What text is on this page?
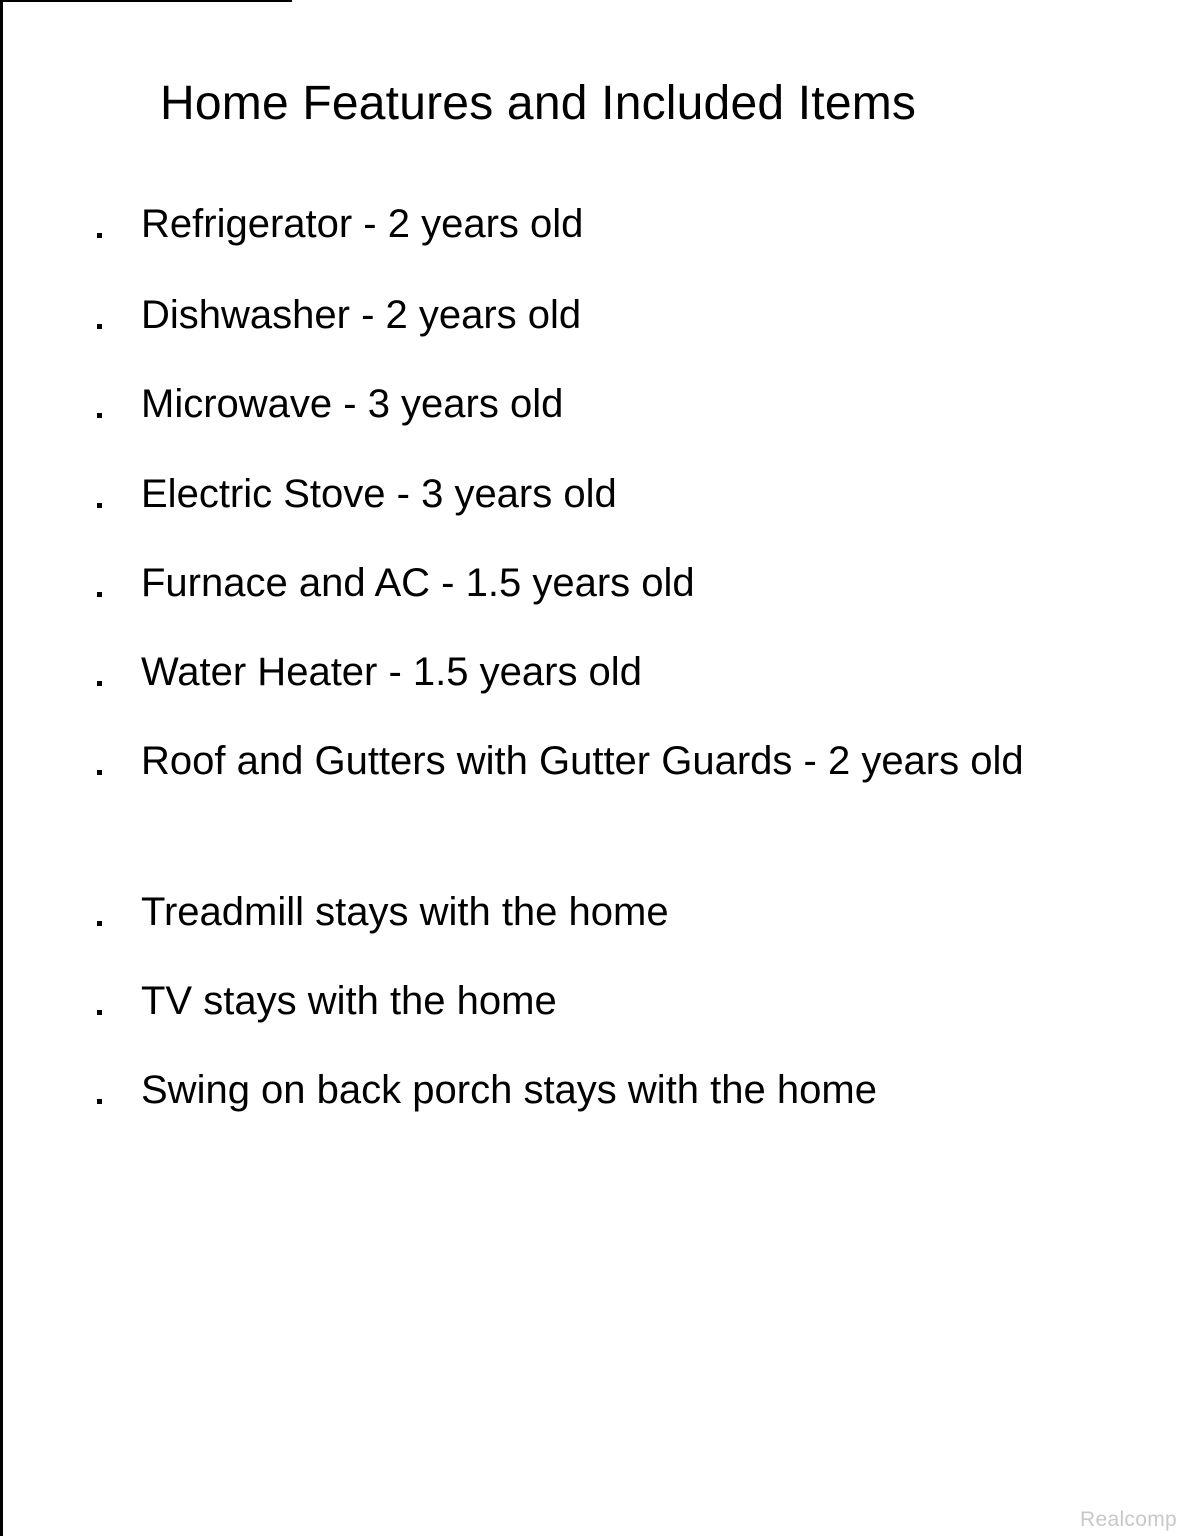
Home Features and Included Items
Refrigerator - 2 years old
Dishwasher - 2 years old
Microwave - 3 years old
Electric Stove - 3 years old
Furnace and AC - 1.5 years old
Water Heater - 1.5 years old
Roof and Gutters with Gutter Guards - 2 years old
Treadmill stays with the home
TV stays with the home
Swing on back porch stays with the home
Realcomp
